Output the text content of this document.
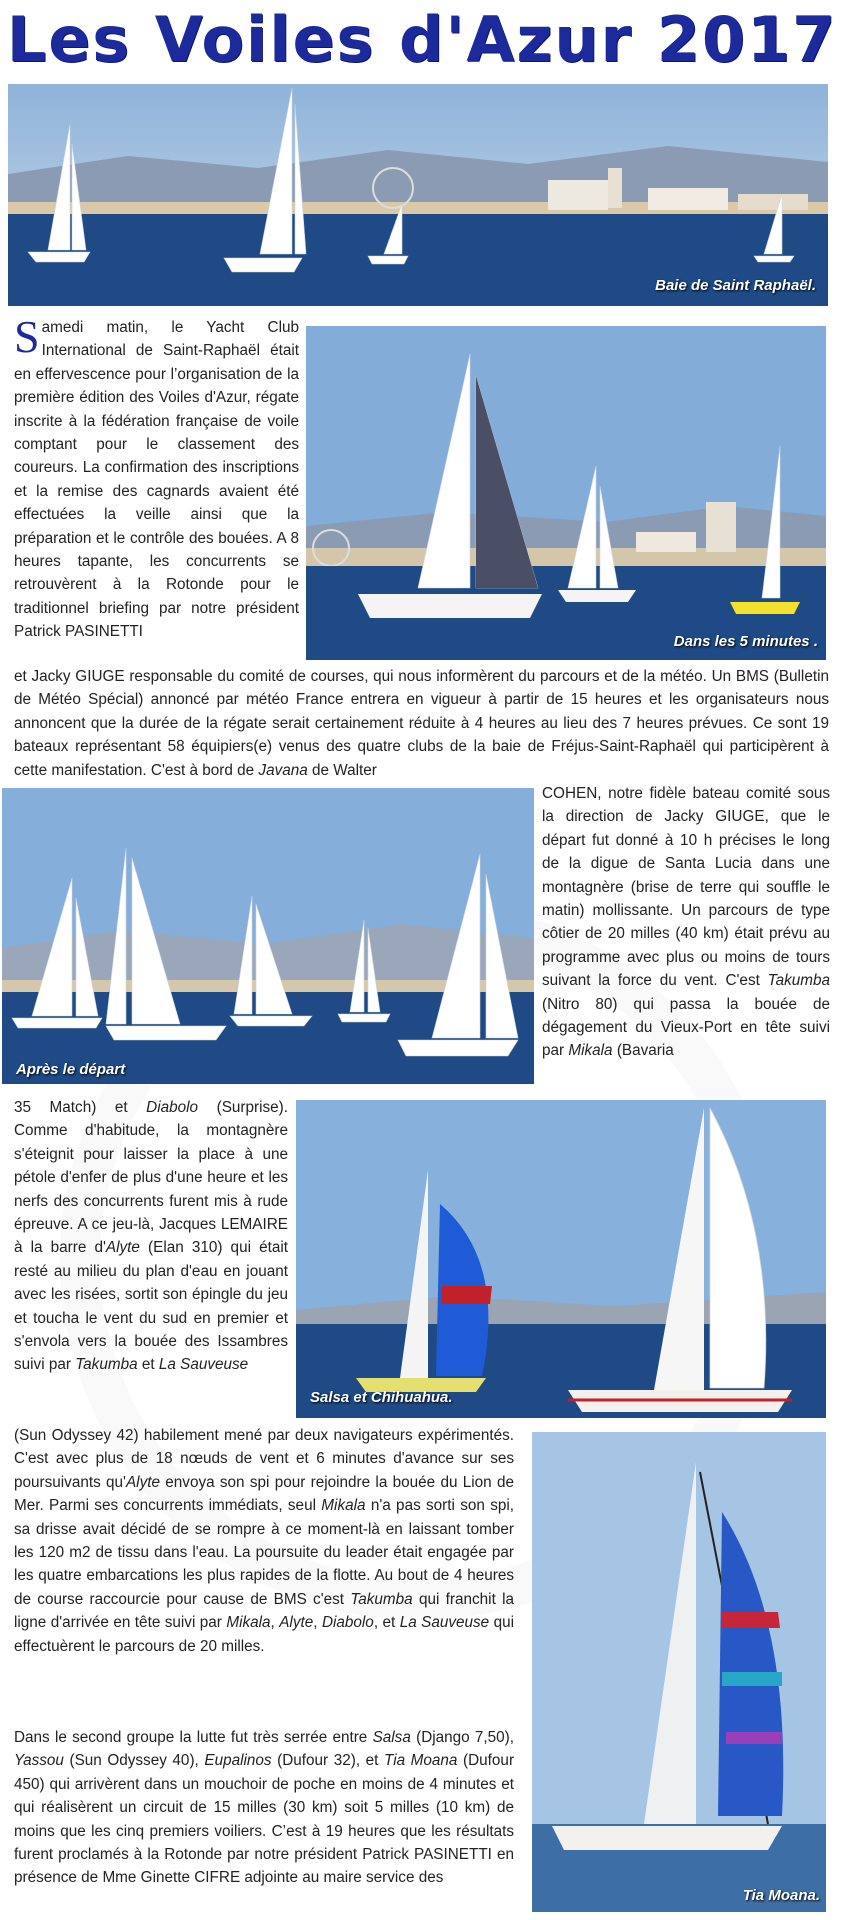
Les Voiles d'Azur 2017
Baie de Saint Raphaël.
Dans les 5 minutes .
Samedi matin, le Yacht Club International de Saint-Raphaël était en effervescence pour l’organisation de la première édition des Voiles d'Azur, régate inscrite à la fédération française de voile comptant pour le classement des coureurs. La confirmation des inscriptions et la remise des cagnards avaient été effectuées la veille ainsi que la préparation et le contrôle des bouées. A 8 heures tapante, les concurrents se retrouvèrent à la Rotonde pour le traditionnel briefing par notre président Patrick PASINETTI
et Jacky GIUGE responsable du comité de courses, qui nous informèrent du parcours et de la météo. Un BMS (Bulletin de Météo Spécial) annoncé par météo France entrera en vigueur à partir de 15 heures et les organisateurs nous annoncent que la durée de la régate serait certainement réduite à 4 heures au lieu des 7 heures prévues. Ce sont 19 bateaux représentant 58 équipiers(e) venus des quatre clubs de la baie de Fréjus-Saint-Raphaël qui participèrent à cette manifestation. C'est à bord de Javana de Walter
Après le départ
COHEN, notre fidèle bateau comité sous la direction de Jacky GIUGE, que le départ fut donné à 10 h précises le long de la digue de Santa Lucia dans une montagnère (brise de terre qui souffle le matin) mollissante. Un parcours de type côtier de 20 milles (40 km) était prévu au programme avec plus ou moins de tours suivant la force du vent. C'est Takumba (Nitro 80) qui passa la bouée de dégagement du Vieux-Port en tête suivi par Mikala (Bavaria
Salsa et Chihuahua.
35 Match) et Diabolo (Surprise). Comme d'habitude, la montagnère s'éteignit pour laisser la place à une pétole d'enfer de plus d'une heure et les nerfs des concurrents furent mis à rude épreuve. A ce jeu-là, Jacques LEMAIRE à la barre d'Alyte (Elan 310) qui était resté au milieu du plan d'eau en jouant avec les risées, sortit son épingle du jeu et toucha le vent du sud en premier et s'envola vers la bouée des Issambres suivi par Takumba et La Sauveuse
Tia Moana.
(Sun Odyssey 42) habilement mené par deux navigateurs expérimentés. C'est avec plus de 18 nœuds de vent et 6 minutes d'avance sur ses poursuivants qu'Alyte envoya son spi pour rejoindre la bouée du Lion de Mer. Parmi ses concurrents immédiats, seul Mikala n'a pas sorti son spi, sa drisse avait décidé de se rompre à ce moment-là en laissant tomber les 120 m2 de tissu dans l'eau. La poursuite du leader était engagée par les quatre embarcations les plus rapides de la flotte. Au bout de 4 heures de course raccourcie pour cause de BMS c'est Takumba qui franchit la ligne d'arrivée en tête suivi par Mikala, Alyte, Diabolo, et La Sauveuse qui effectuèrent le parcours de 20 milles.
Dans le second groupe la lutte fut très serrée entre Salsa (Django 7,50), Yassou (Sun Odyssey 40), Eupalinos (Dufour 32), et Tia Moana (Dufour 450) qui arrivèrent dans un mouchoir de poche en moins de 4 minutes et qui réalisèrent un circuit de 15 milles (30 km) soit 5 milles (10 km) de moins que les cinq premiers voiliers. C’est à 19 heures que les résultats furent proclamés à la Rotonde par notre président Patrick PASINETTI en présence de Mme Ginette CIFRE adjointe au maire service des
